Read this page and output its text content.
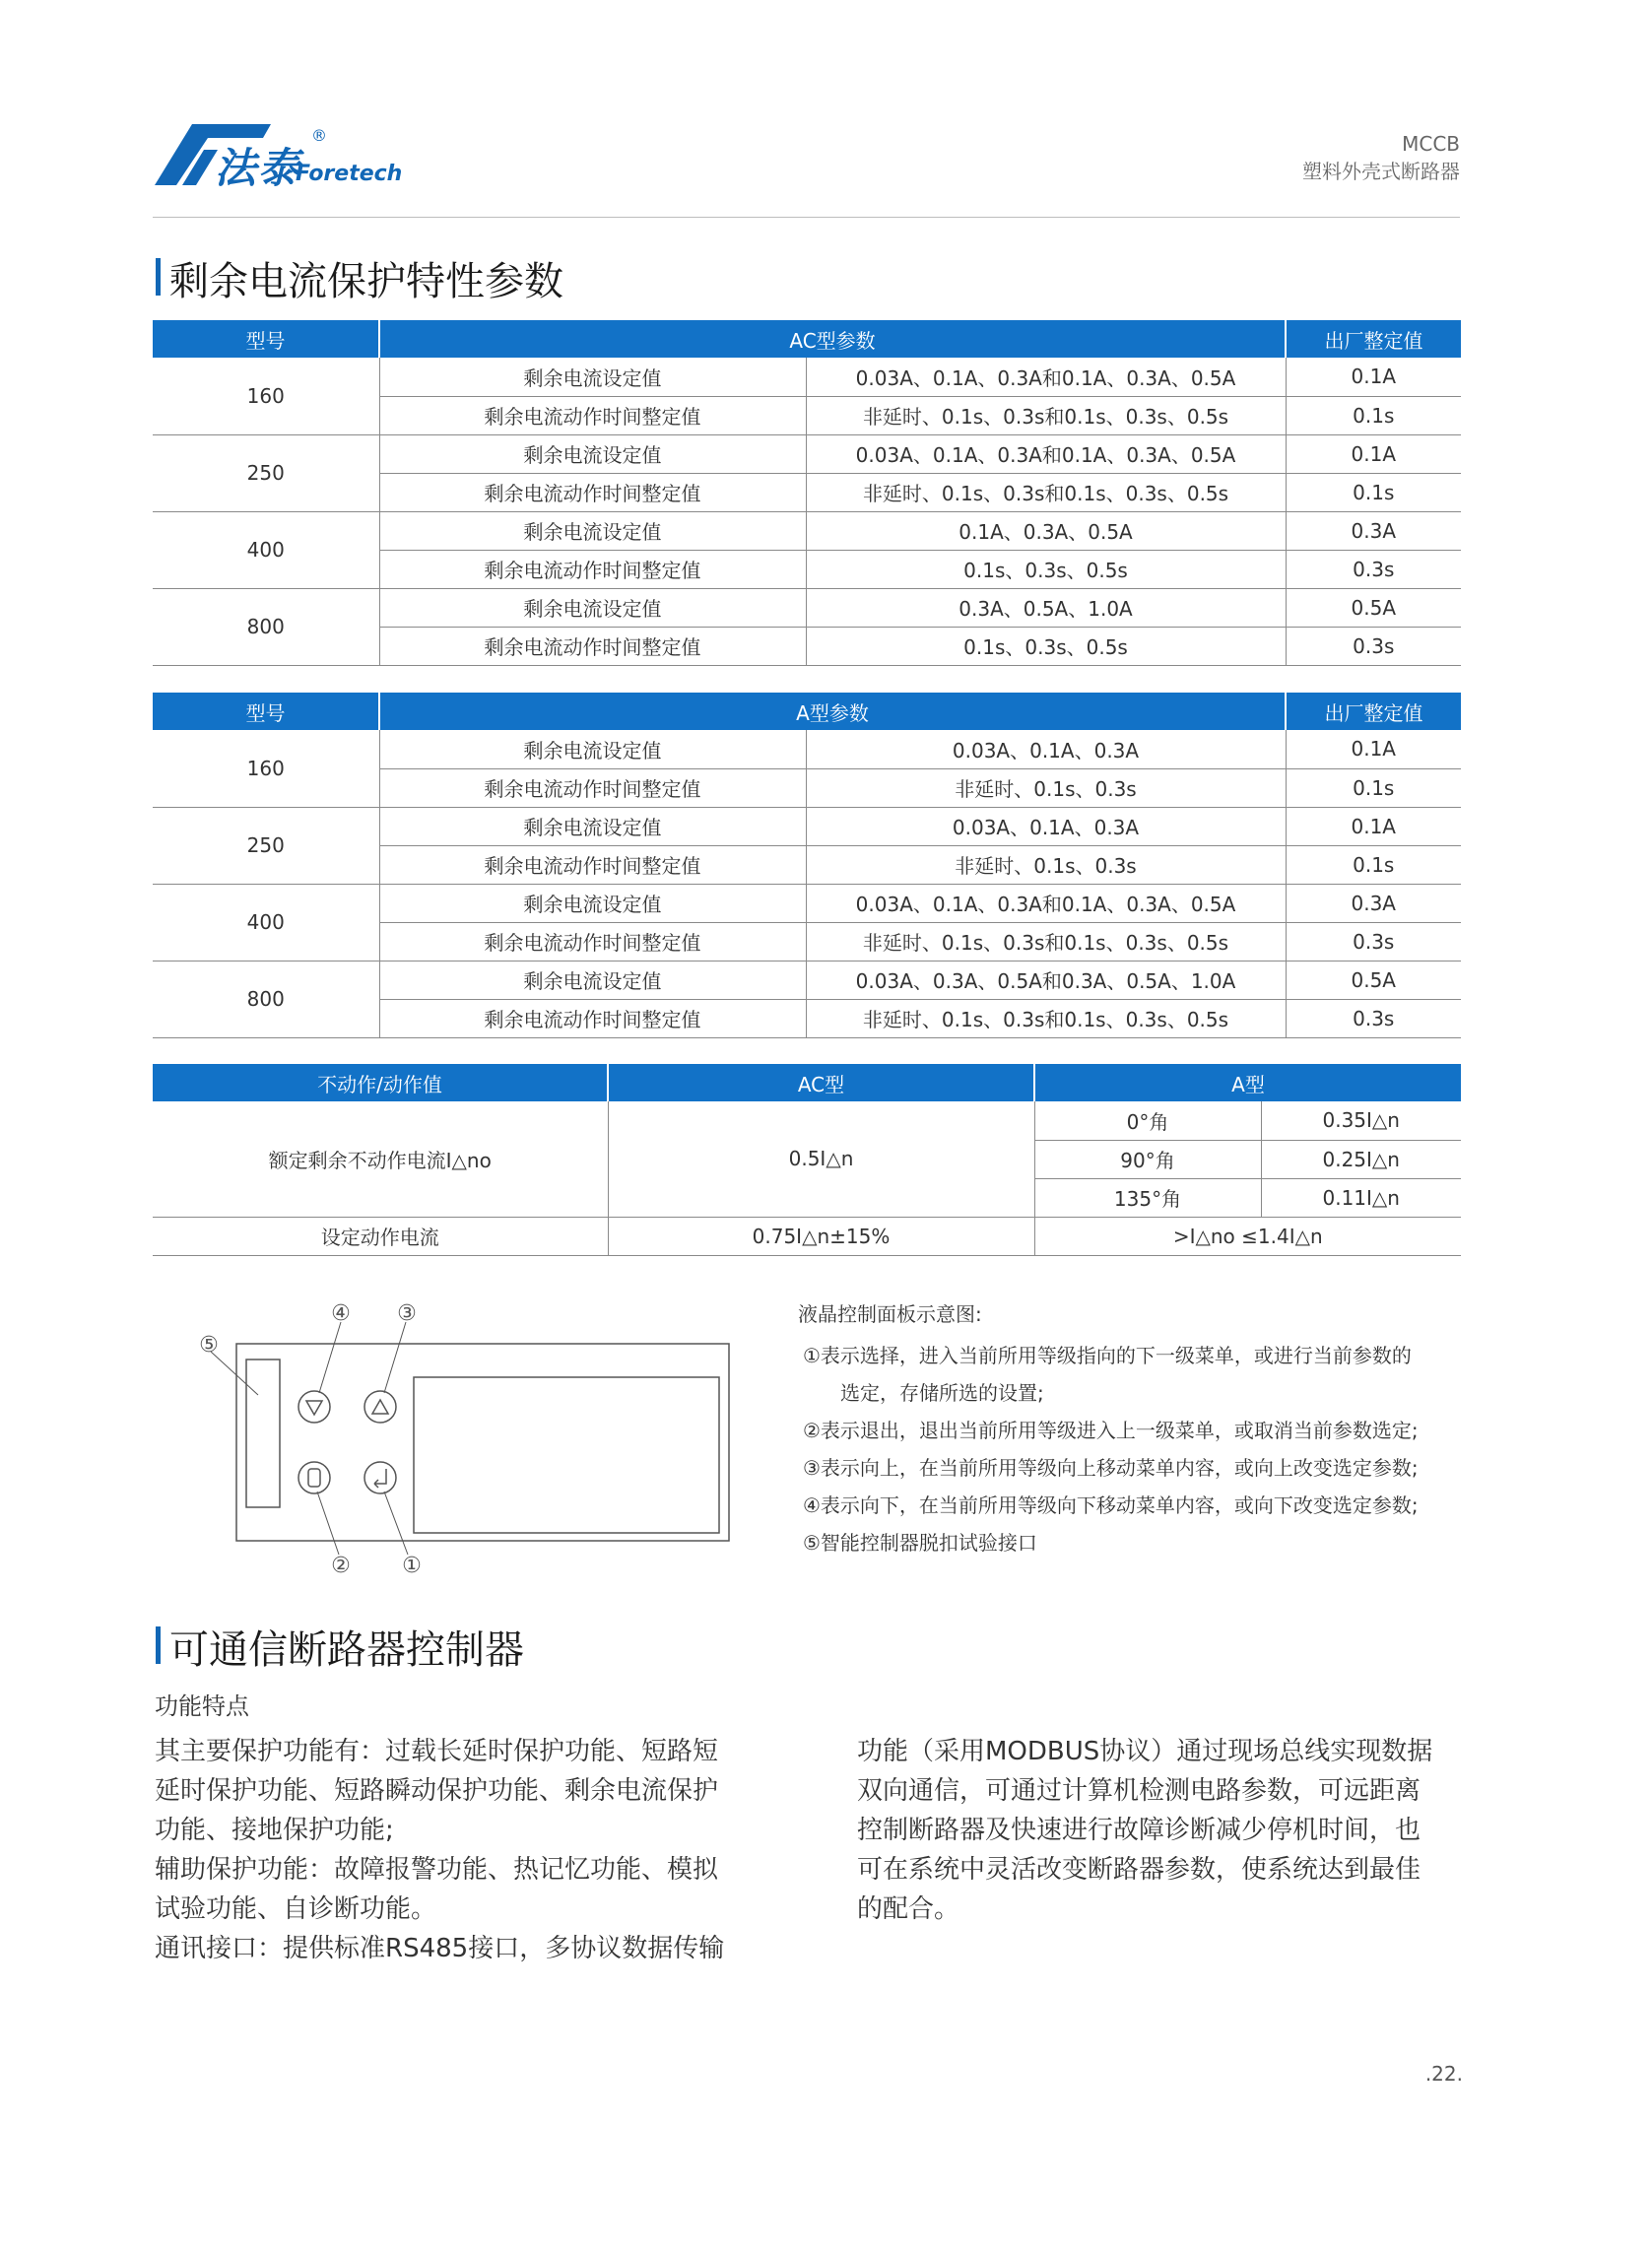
法泰
®
Foretech
MCCB
塑料外壳式断路器
剩余电流保护特性参数
型号	AC型参数		出厂整定值
160	剩余电流设定值	0.03A、0.1A、0.3A和0.1A、0.3A、0.5A	0.1A
	剩余电流动作时间整定值	非延时、0.1s、0.3s和0.1s、0.3s、0.5s	0.1s
250	剩余电流设定值	0.03A、0.1A、0.3A和0.1A、0.3A、0.5A	0.1A
	剩余电流动作时间整定值	非延时、0.1s、0.3s和0.1s、0.3s、0.5s	0.1s
400	剩余电流设定值	0.1A、0.3A、0.5A	0.3A
	剩余电流动作时间整定值	0.1s、0.3s、0.5s	0.3s
800	剩余电流设定值	0.3A、0.5A、1.0A	0.5A
	剩余电流动作时间整定值	0.1s、0.3s、0.5s	0.3s
型号	A型参数		出厂整定值
160	剩余电流设定值	0.03A、0.1A、0.3A	0.1A
	剩余电流动作时间整定值	非延时、0.1s、0.3s	0.1s
250	剩余电流设定值	0.03A、0.1A、0.3A	0.1A
	剩余电流动作时间整定值	非延时、0.1s、0.3s	0.1s
400	剩余电流设定值	0.03A、0.1A、0.3A和0.1A、0.3A、0.5A	0.3A
	剩余电流动作时间整定值	非延时、0.1s、0.3s和0.1s、0.3s、0.5s	0.3s
800	剩余电流设定值	0.03A、0.3A、0.5A和0.3A、0.5A、1.0A	0.5A
	剩余电流动作时间整定值	非延时、0.1s、0.3s和0.1s、0.3s、0.5s	0.3s
不动作/动作值	AC型	A型	
额定剩余不动作电流I△no	0.5I△n	0°角	0.35I△n
		90°角	0.25I△n
		135°角	0.11I△n
设定动作电流	0.75I△n±15%	>I△no ≤1.4I△n	
④ ③
⑤
② ①
液晶控制面板示意图:
①表示选择，进入当前所用等级指向的下一级菜单，或进行当前参数的
选定，存储所选的设置;
②表示退出，退出当前所用等级进入上一级菜单，或取消当前参数选定;
③表示向上，在当前所用等级向上移动菜单内容，或向上改变选定参数;
④表示向下，在当前所用等级向下移动菜单内容，或向下改变选定参数;
⑤智能控制器脱扣试验接口
可通信断路器控制器
功能特点
其主要保护功能有：过载长延时保护功能、短路短
延时保护功能、短路瞬动保护功能、剩余电流保护
功能、接地保护功能;
辅助保护功能：故障报警功能、热记忆功能、模拟
试验功能、自诊断功能。
通讯接口：提供标准RS485接口，多协议数据传输
功能（采用MODBUS协议）通过现场总线实现数据
双向通信，可通过计算机检测电路参数，可远距离
控制断路器及快速进行故障诊断减少停机时间，也
可在系统中灵活改变断路器参数，使系统达到最佳
的配合。
.22.
